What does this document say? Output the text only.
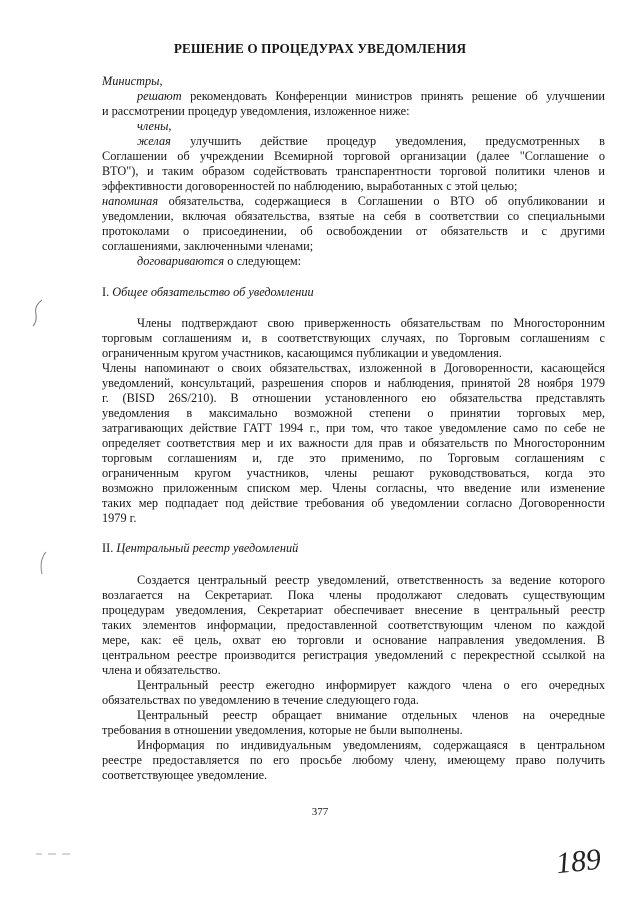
РЕШЕНИЕ О ПРОЦЕДУРАХ УВЕДОМЛЕНИЯ
Министры,
решают рекомендовать Конференции министров принять решение об улучшении
и рассмотрении процедур уведомления, изложенное ниже:
члены,
желая улучшить действие процедур уведомления, предусмотренных в
Соглашении об учреждении Всемирной торговой организации (далее "Соглашение о
ВТО"), и таким образом содействовать транспарентности торговой политики членов и
эффективности договоренностей по наблюдению, выработанных с этой целью;
напоминая обязательства, содержащиеся в Соглашении о ВТО об опубликовании и
уведомлении, включая обязательства, взятые на себя в соответствии со специальными
протоколами о присоединении, об освобождении от обязательств и с другими
соглашениями, заключенными членами;
договариваются о следующем:
I. Общее обязательство об уведомлении
Члены подтверждают свою приверженность обязательствам по Многосторонним
торговым соглашениям и, в соответствующих случаях, по Торговым соглашениям с
ограниченным кругом участников, касающимся публикации и уведомления.
Члены напоминают о своих обязательствах, изложенной в Договоренности, касающейся
уведомлений, консультаций, разрешения споров и наблюдения, принятой 28 ноября 1979
г. (BISD 26S/210). В отношении установленного ею обязательства представлять
уведомления в максимально возможной степени о принятии торговых мер,
затрагивающих действие ГАТТ 1994 г., при том, что такое уведомление само по себе не
определяет соответствия мер и их важности для прав и обязательств по Многосторонним
торговым соглашениям и, где это применимо, по Торговым соглашениям с
ограниченным кругом участников, члены решают руководствоваться, когда это
возможно приложенным списком мер. Члены согласны, что введение или изменение
таких мер подпадает под действие требования об уведомлении согласно Договоренности
1979 г.
II. Центральный реестр уведомлений
Создается центральный реестр уведомлений, ответственность за ведение которого
возлагается на Секретариат. Пока члены продолжают следовать существующим
процедурам уведомления, Секретариат обеспечивает внесение в центральный реестр
таких элементов информации, предоставленной соответствующим членом по каждой
мере, как: её цель, охват ею торговли и основание направления уведомления. В
центральном реестре производится регистрация уведомлений с перекрестной ссылкой на
члена и обязательство.
Центральный реестр ежегодно информирует каждого члена о его очередных
обязательствах по уведомлению в течение следующего года.
Центральный реестр обращает внимание отдельных членов на очередные
требования в отношении уведомления, которые не были выполнены.
Информация по индивидуальным уведомлениям, содержащаяся в центральном
реестре предоставляется по его просьбе любому члену, имеющему право получить
соответствующее уведомление.
377
189
